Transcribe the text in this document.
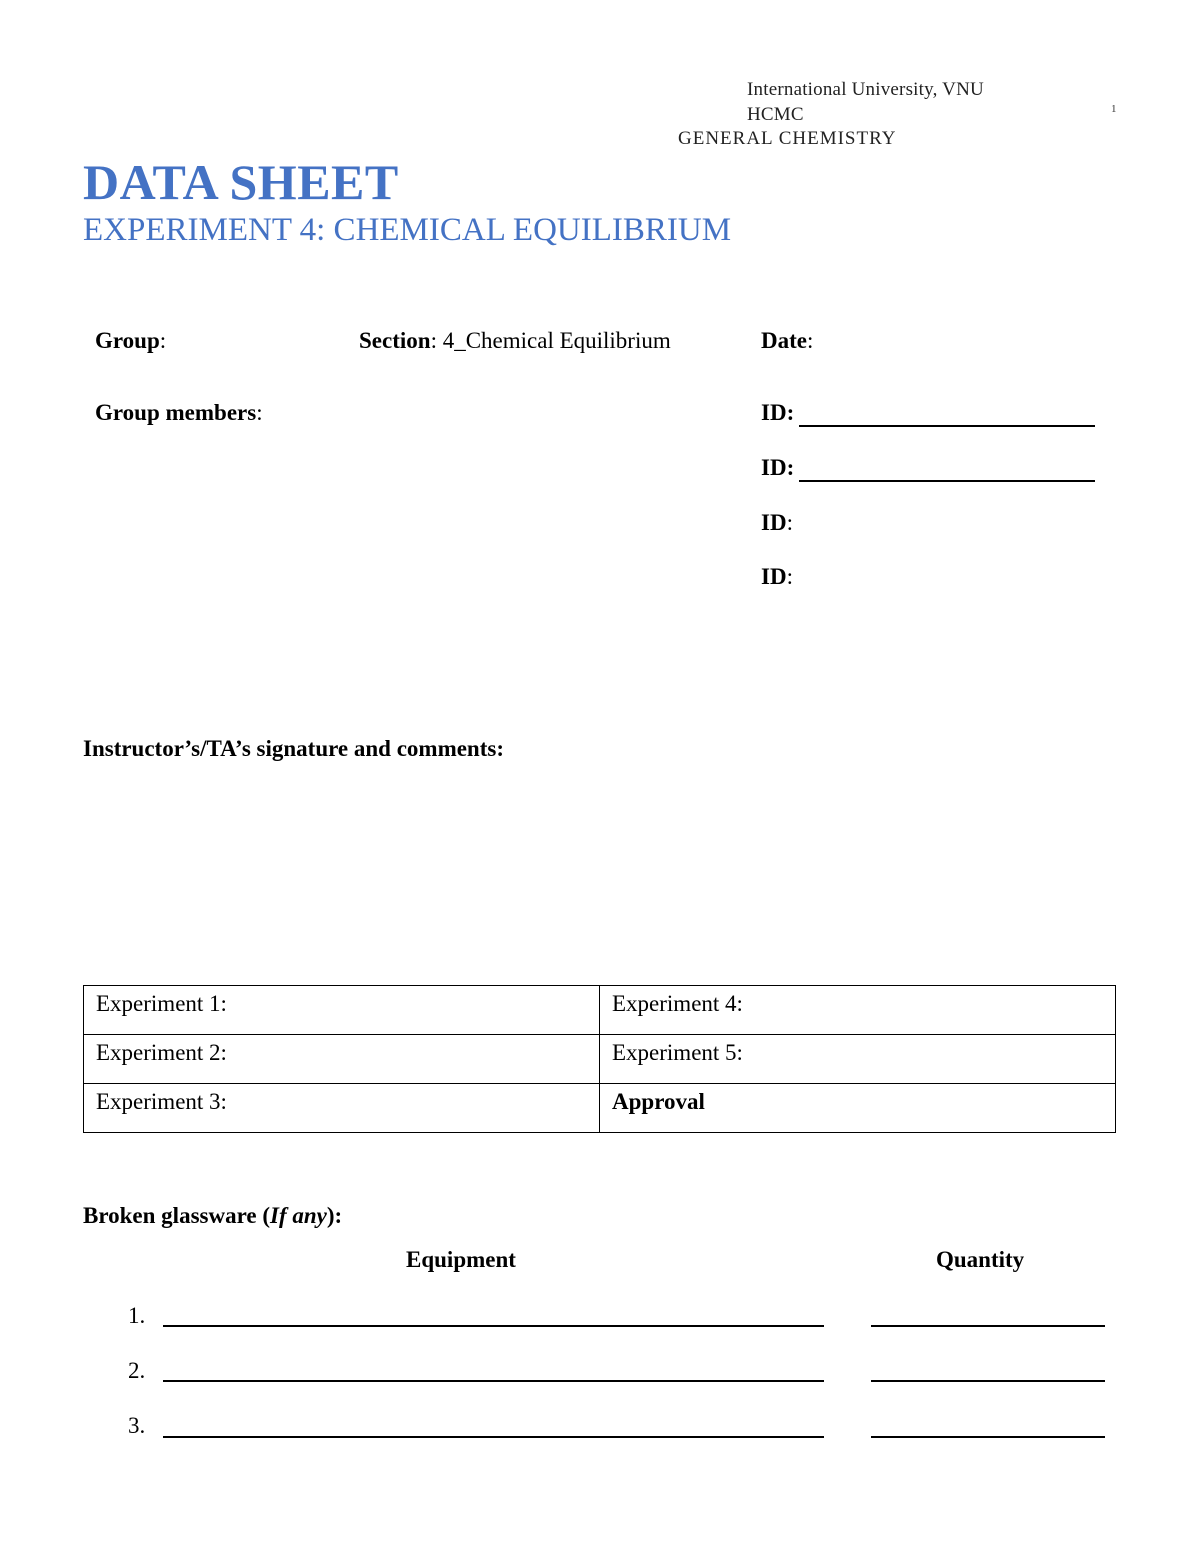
International University, VNU
HCMC
GENERAL CHEMISTRY
1
DATA SHEET
EXPERIMENT 4: CHEMICAL EQUILIBRIUM
Group:	Section: 4_Chemical Equilibrium	Date:
Group members:	ID:
ID:
ID:
ID:
Instructor’s/TA’s signature and comments:
Experiment 1:	Experiment 4:
Experiment 2:	Experiment 5:
Experiment 3:	Approval
Broken glassware (If any):
Equipment	Quantity
1.
2.
3.
